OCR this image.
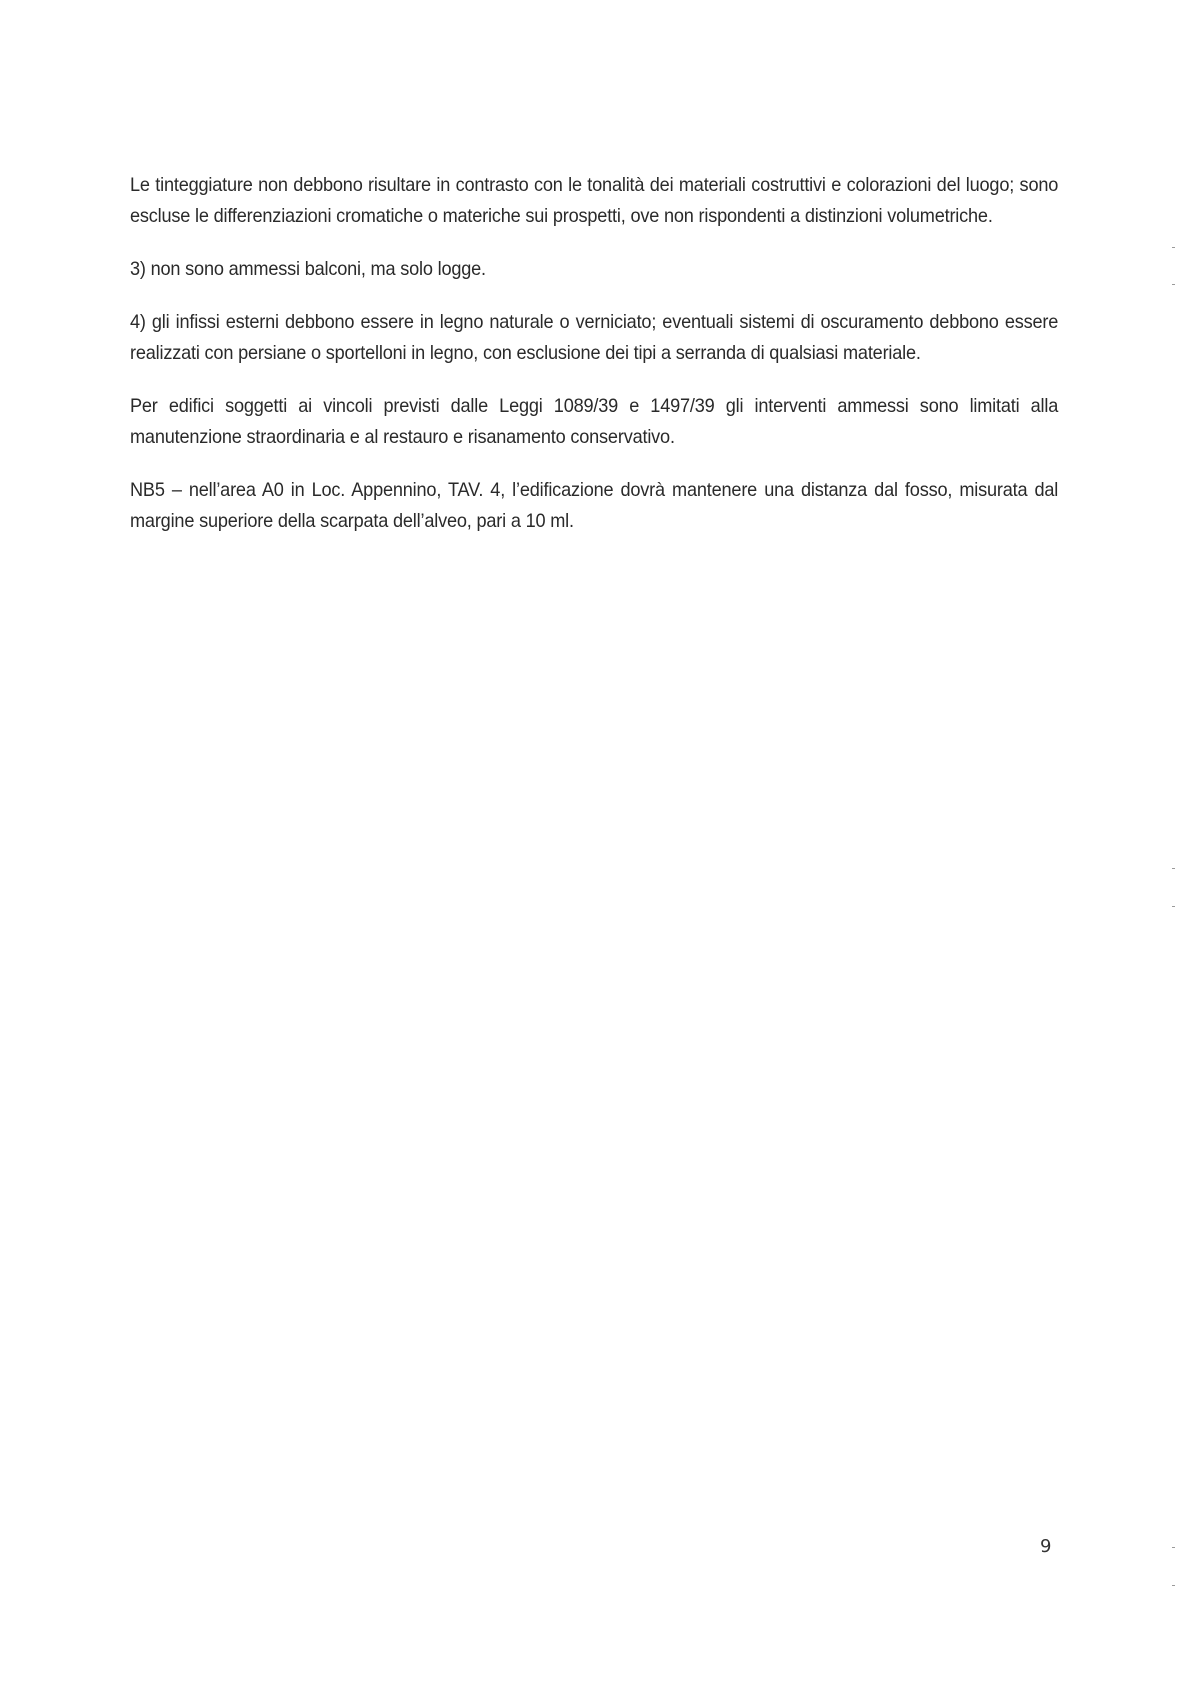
Le tinteggiature non debbono risultare in contrasto con le tonalità dei materiali costruttivi e colorazioni del luogo; sono escluse le differenziazioni cromatiche o materiche sui prospetti, ove non rispondenti a distinzioni volumetriche.

3) non sono ammessi balconi, ma solo logge.

4) gli infissi esterni debbono essere in legno naturale o verniciato; eventuali sistemi di oscuramento debbono essere realizzati con persiane o sportelloni in legno, con esclusione dei tipi a serranda di qualsiasi materiale.

Per edifici soggetti ai vincoli previsti dalle Leggi 1089/39 e 1497/39 gli interventi ammessi sono limitati alla manutenzione straordinaria e al restauro e risanamento conservativo.

NB5 – nell’area A0 in Loc. Appennino, TAV. 4, l’edificazione dovrà mantenere una distanza dal fosso, misurata dal margine superiore della scarpata dell’alveo, pari a 10 ml.

9
